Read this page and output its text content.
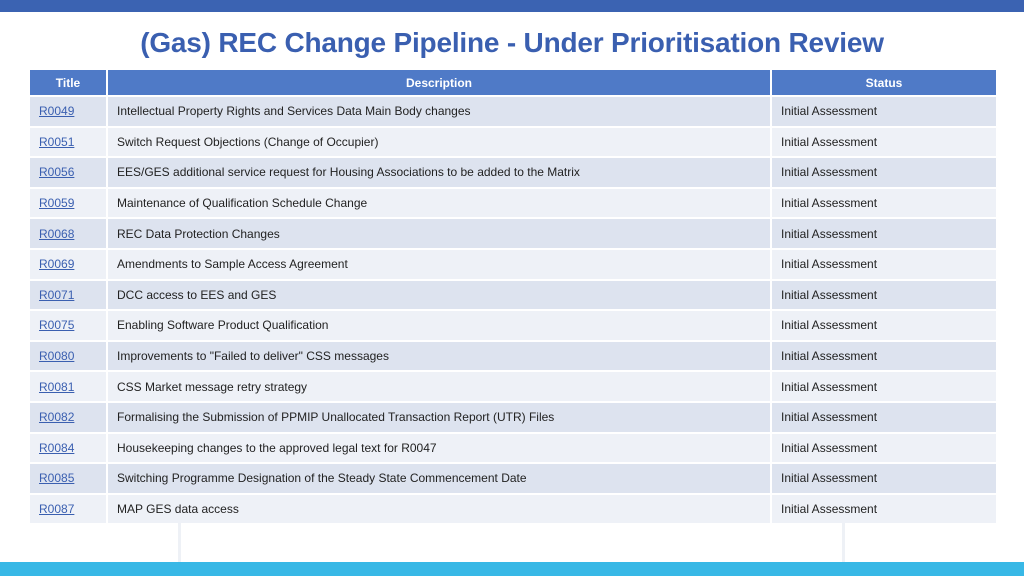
(Gas) REC Change Pipeline - Under Prioritisation Review
Title	Description	Status
R0049	Intellectual Property Rights and Services Data Main Body changes	Initial Assessment
R0051	Switch Request Objections (Change of Occupier)	Initial Assessment
R0056	EES/GES additional service request for Housing Associations to be added to the Matrix	Initial Assessment
R0059	Maintenance of Qualification Schedule Change	Initial Assessment
R0068	REC Data Protection Changes	Initial Assessment
R0069	Amendments to Sample Access Agreement	Initial Assessment
R0071	DCC access to EES and GES	Initial Assessment
R0075	Enabling Software Product Qualification	Initial Assessment
R0080	Improvements to "Failed to deliver" CSS messages	Initial Assessment
R0081	CSS Market message retry strategy	Initial Assessment
R0082	Formalising the Submission of PPMIP Unallocated Transaction Report (UTR) Files	Initial Assessment
R0084	Housekeeping changes to the approved legal text for R0047	Initial Assessment
R0085	Switching Programme Designation of the Steady State Commencement Date	Initial Assessment
R0087	MAP GES data access	Initial Assessment
